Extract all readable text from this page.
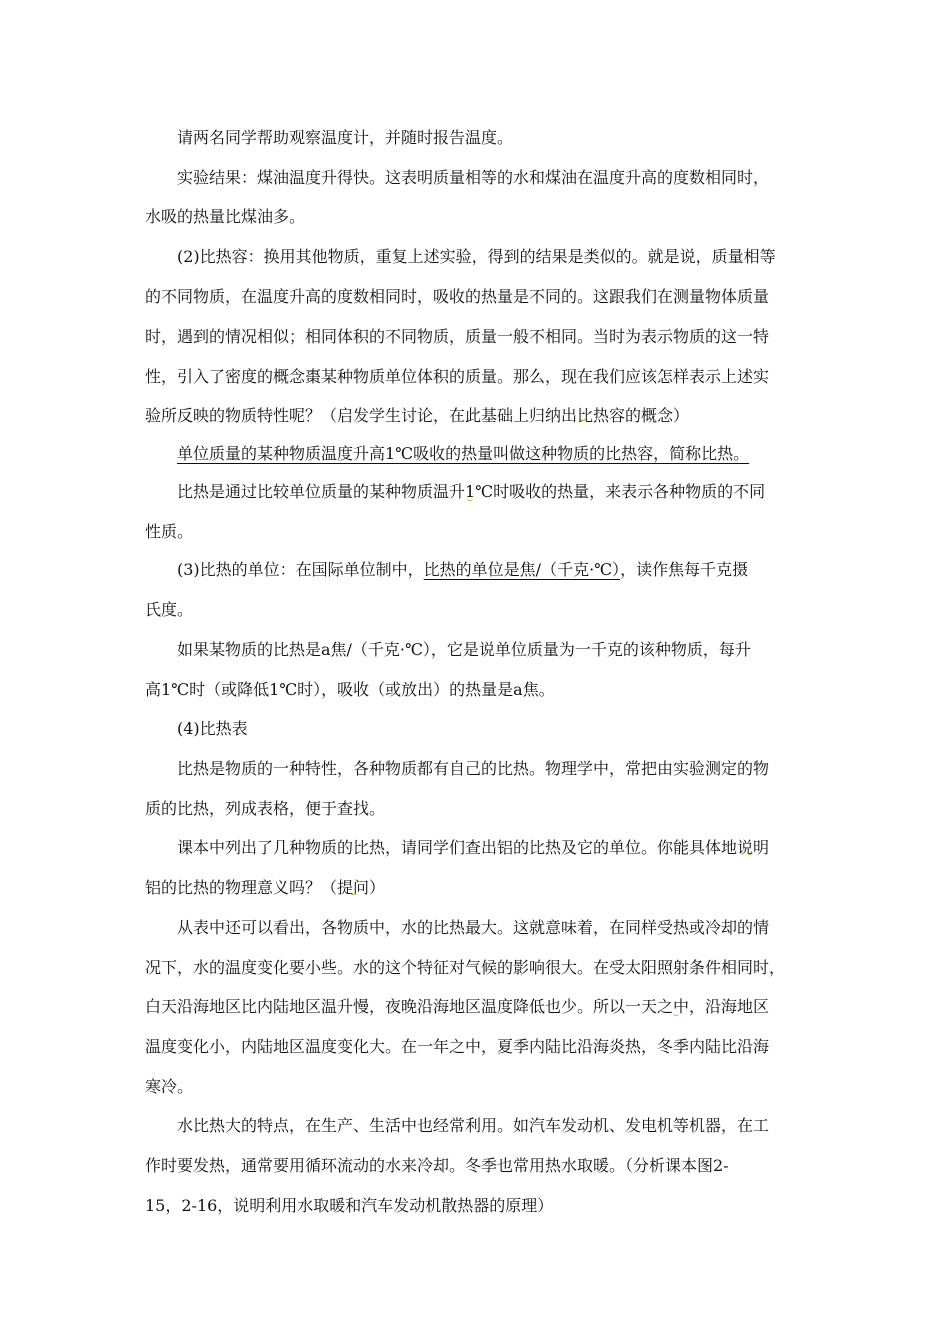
请两名同学帮助观察温度计，并随时报告温度。
实验结果：煤油温度升得快。这表明质量相等的水和煤油在温度升高的度数相同时，
水吸的热量比煤油多。
(2)比热容：换用其他物质，重复上述实验，得到的结果是类似的。就是说，质量相等
的不同物质，在温度升高的度数相同时，吸收的热量是不同的。这跟我们在测量物体质量
时，遇到的情况相似；相同体积的不同物质，质量一般不相同。当时为表示物质的这一特
性，引入了密度的概念棗某种物质单位体积的质量。那么，现在我们应该怎样表示上述实
验所反映的物质特性呢？（启发学生讨论，在此基础上归纳出比热容的概念）
单位质量的某种物质温度升高1℃吸收的热量叫做这种物质的比热容，简称比热。
比热是通过比较单位质量的某种物质温升1℃时吸收的热量，来表示各种物质的不同
性质。
(3)比热的单位：在国际单位制中，比热的单位是焦/（千克·℃），读作焦每千克摄
氏度。
如果某物质的比热是a焦/（千克·℃），它是说单位质量为一千克的该种物质，每升
高1℃时（或降低1℃时），吸收（或放出）的热量是a焦。
(4)比热表
比热是物质的一种特性，各种物质都有自己的比热。物理学中，常把由实验测定的物
质的比热，列成表格，便于查找。
课本中列出了几种物质的比热，请同学们查出铝的比热及它的单位。你能具体地说明
铝的比热的物理意义吗？（提问）
从表中还可以看出，各物质中，水的比热最大。这就意味着，在同样受热或冷却的情
况下，水的温度变化要小些。水的这个特征对气候的影响很大。在受太阳照射条件相同时，
白天沿海地区比内陆地区温升慢，夜晚沿海地区温度降低也少。所以一天之中，沿海地区
温度变化小，内陆地区温度变化大。在一年之中，夏季内陆比沿海炎热，冬季内陆比沿海
寒冷。
水比热大的特点，在生产、生活中也经常利用。如汽车发动机、发电机等机器，在工
作时要发热，通常要用循环流动的水来冷却。冬季也常用热水取暖。（分析课本图2-
15，2-16，说明利用水取暖和汽车发动机散热器的原理）
